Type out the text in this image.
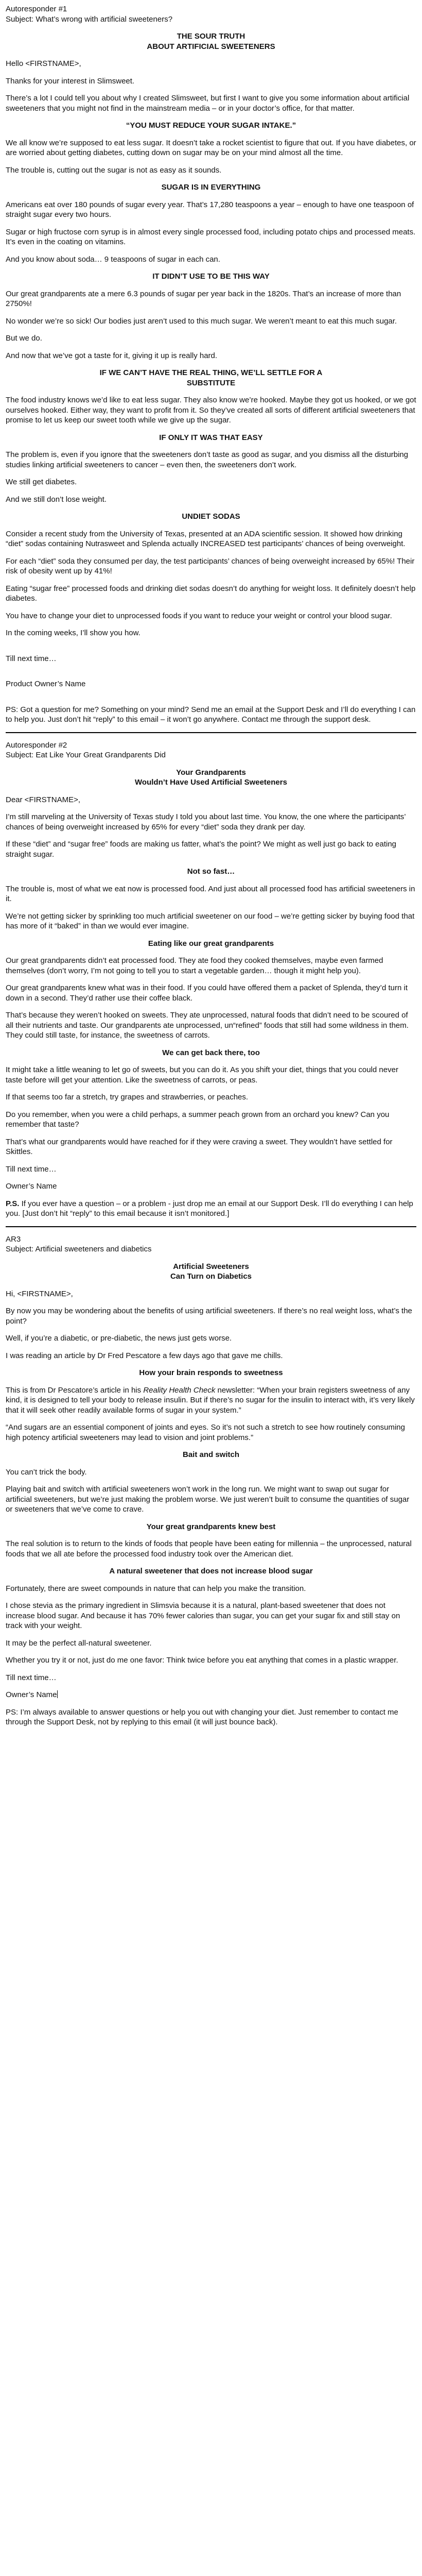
Autoresponder #1

Subject: What’s wrong with artificial sweeteners?

THE SOUR TRUTH
ABOUT ARTIFICIAL SWEETENERS

Hello <FIRSTNAME>,

Thanks for your interest in Slimsweet.

There’s a lot I could tell you about why I created Slimsweet, but first I want to give you some information about artificial sweeteners that you might not find in the mainstream media – or in your doctor’s office, for that matter.

“YOU MUST REDUCE YOUR SUGAR INTAKE.”

We all know we’re supposed to eat less sugar. It doesn’t take a rocket scientist to figure that out. If you have diabetes, or are worried about getting diabetes, cutting down on sugar may be on your mind almost all the time.

The trouble is, cutting out the sugar is not as easy as it sounds.

SUGAR IS IN EVERYTHING

Americans eat over 180 pounds of sugar every year. That’s 17,280 teaspoons a year – enough to have one teaspoon of straight sugar every two hours.

Sugar or high fructose corn syrup is in almost every single processed food, including potato chips and processed meats. It’s even in the coating on vitamins.

And you know about soda… 9 teaspoons of sugar in each can.

IT DIDN’T USE TO BE THIS WAY

Our great grandparents ate a mere 6.3 pounds of sugar per year back in the 1820s. That’s an increase of more than 2750%!

No wonder we’re so sick! Our bodies just aren’t used to this much sugar. We weren’t meant to eat this much sugar.

But we do.

And now that we’ve got a taste for it, giving it up is really hard.

IF WE CAN’T HAVE THE REAL THING, WE’LL SETTLE FOR A
SUBSTITUTE

The food industry knows we’d like to eat less sugar. They also know we’re hooked. Maybe they got us hooked, or we got ourselves hooked. Either way, they want to profit from it. So they’ve created all sorts of different artificial sweeteners that promise to let us keep our sweet tooth while we give up the sugar.

IF ONLY IT WAS THAT EASY

The problem is, even if you ignore that the sweeteners don’t taste as good as sugar, and you dismiss all the disturbing studies linking artificial sweeteners to cancer – even then, the sweeteners don’t work.

We still get diabetes.

And we still don’t lose weight.

UNDIET SODAS

Consider a recent study from the University of Texas, presented at an ADA scientific session. It showed how drinking “diet” sodas containing Nutrasweet and Splenda actually INCREASED test participants’ chances of being overweight.

For each “diet” soda they consumed per day, the test participants’ chances of being overweight increased by 65%! Their risk of obesity went up by 41%!

Eating “sugar free” processed foods and drinking diet sodas doesn’t do anything for weight loss. It definitely doesn’t help diabetes.

You have to change your diet to unprocessed foods if you want to reduce your weight or control your blood sugar.

In the coming weeks, I’ll show you how.

Till next time…

Product Owner’s Name

PS: Got a question for me? Something on your mind? Send me an email at the Support Desk and I’ll do everything I can to help you. Just don’t hit “reply” to this email – it won’t go anywhere. Contact me through the support desk.

Autoresponder #2

Subject: Eat Like Your Great Grandparents Did

Your Grandparents
Wouldn’t Have Used Artificial Sweeteners

Dear <FIRSTNAME>,

I’m still marveling at the University of Texas study I told you about last time. You know, the one where the participants’ chances of being overweight increased by 65% for every “diet” soda they drank per day.

If these “diet” and “sugar free” foods are making us fatter, what’s the point? We might as well just go back to eating straight sugar.

Not so fast…

The trouble is, most of what we eat now is processed food. And just about all processed food has artificial sweeteners in it.

We’re not getting sicker by sprinkling too much artificial sweetener on our food – we’re getting sicker by buying food that has more of it “baked” in than we would ever imagine.

Eating like our great grandparents

Our great grandparents didn’t eat processed food. They ate food they cooked themselves, maybe even farmed themselves (don’t worry, I’m not going to tell you to start a vegetable garden… though it might help you).

Our great grandparents knew what was in their food. If you could have offered them a packet of Splenda, they’d turn it down in a second. They’d rather use their coffee black.

That’s because they weren’t hooked on sweets. They ate unprocessed, natural foods that didn’t need to be scoured of all their nutrients and taste. Our grandparents ate unprocessed, un“refined” foods that still had some wildness in them. They could still taste, for instance, the sweetness of carrots.

We can get back there, too

It might take a little weaning to let go of sweets, but you can do it. As you shift your diet, things that you could never taste before will get your attention. Like the sweetness of carrots, or peas.

If that seems too far a stretch, try grapes and strawberries, or peaches.

Do you remember, when you were a child perhaps, a summer peach grown from an orchard you knew? Can you remember that taste?

That’s what our grandparents would have reached for if they were craving a sweet. They wouldn’t have settled for Skittles.

Till next time…

Owner’s Name

P.S. If you ever have a question – or a problem - just drop me an email at our Support Desk. I’ll do everything I can help you. [Just don’t hit “reply” to this email because it isn’t monitored.]

AR3

Subject: Artificial sweeteners and diabetics

Artificial Sweeteners
Can Turn on Diabetics

Hi, <FIRSTNAME>,

By now you may be wondering about the benefits of using artificial sweeteners. If there’s no real weight loss, what’s the point?

Well, if you’re a diabetic, or pre-diabetic, the news just gets worse.

I was reading an article by Dr Fred Pescatore a few days ago that gave me chills.

How your brain responds to sweetness

This is from Dr Pescatore’s article in his Reality Health Check newsletter: “When your brain registers sweetness of any kind, it is designed to tell your body to release insulin. But if there’s no sugar for the insulin to interact with, it’s very likely that it will seek other readily available forms of sugar in your system.”

“And sugars are an essential component of joints and eyes. So it’s not such a stretch to see how routinely consuming high potency artificial sweeteners may lead to vision and joint problems.”

Bait and switch

You can’t trick the body.

Playing bait and switch with artificial sweeteners won’t work in the long run. We might want to swap out sugar for artificial sweeteners, but we’re just making the problem worse. We just weren’t built to consume the quantities of sugar or sweeteners that we’ve come to crave.

Your great grandparents knew best

The real solution is to return to the kinds of foods that people have been eating for millennia – the unprocessed, natural foods that we all ate before the processed food industry took over the American diet.

A natural sweetener that does not increase blood sugar

Fortunately, there are sweet compounds in nature that can help you make the transition.

I chose stevia as the primary ingredient in Slimsvia because it is a natural, plant-based sweetener that does not increase blood sugar. And because it has 70% fewer calories than sugar, you can get your sugar fix and still stay on track with your weight.

It may be the perfect all-natural sweetener.

Whether you try it or not, just do me one favor: Think twice before you eat anything that comes in a plastic wrapper.

Till next time…

Owner’s Name

PS: I’m always available to answer questions or help you out with changing your diet. Just remember to contact me through the Support Desk, not by replying to this email (it will just bounce back).
